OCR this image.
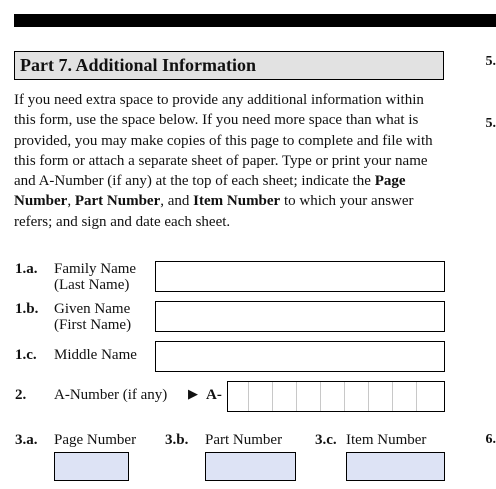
Part 7. Additional Information	5.
5.
6.

If you need extra space to provide any additional information within this form, use the space below. If you need more space than what is provided, you may make copies of this page to complete and file with this form or attach a separate sheet of paper. Type or print your name and A-Number (if any) at the top of each sheet; indicate the Page Number, Part Number, and Item Number to which your answer refers; and sign and date each sheet.

1.a. Family Name
(Last Name)
1.b. Given Name
(First Name)
1.c. Middle Name
2. A-Number (if any) ▶ A-
3.a. Page Number 3.b. Part Number 3.c. Item Number
